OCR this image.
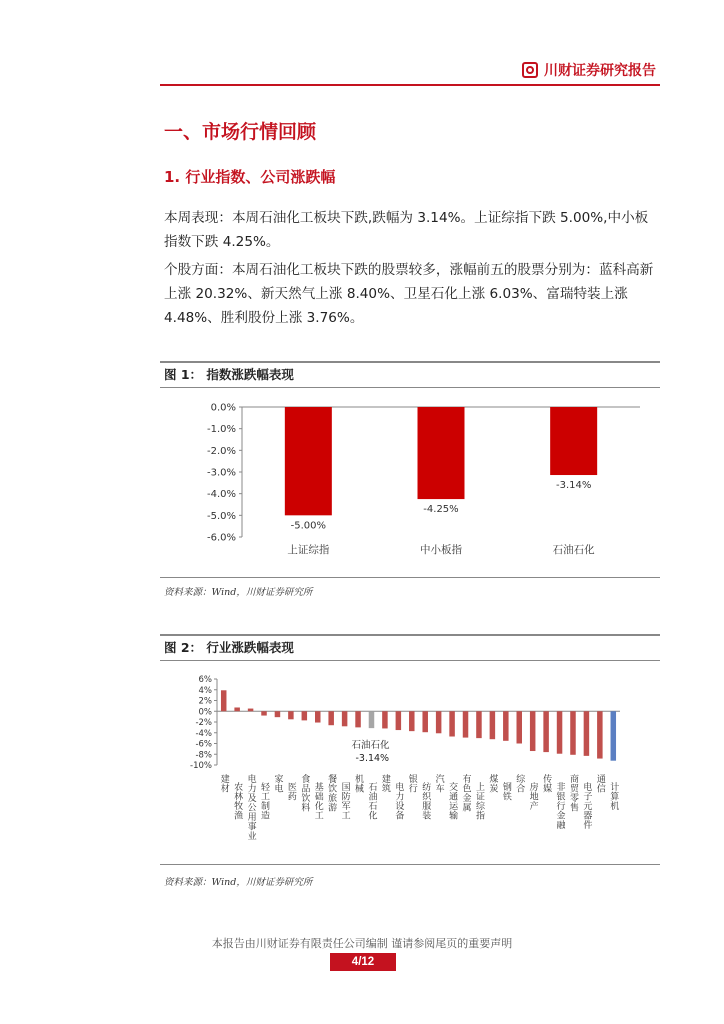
川财证券研究报告
一、市场行情回顾
1. 行业指数、公司涨跌幅
本周表现：本周石油化工板块下跌,跌幅为 3.14%。上证综指下跌 5.00%,中小板指数下跌 4.25%。
个股方面：本周石油化工板块下跌的股票较多，涨幅前五的股票分别为：蓝科高新上涨 20.32%、新天然气上涨 8.40%、卫星石化上涨 6.03%、富瑞特装上涨 4.48%、胜利股份上涨 3.76%。
图 1： 指数涨跌幅表现
0.0%
-1.0%
-2.0%
-3.0%
-4.0%
-5.0%
-6.0%
-5.00%
上证综指
-4.25%
中小板指
-3.14%
石油石化
资料来源：Wind，川财证券研究所
图 2： 行业涨跌幅表现
6%
4%
2%
0%
-2%
-4%
-6%
-8%
-10%
建材 农林牧渔 电力及公用事业 轻工制造 家电 医药 食品饮料 基础化工 餐饮旅游 国防军工 机械 石油石化
石油石化
-3.14%
建筑 电力设备 银行 纺织服装 汽车 交通运输 有色金属 上证综指 煤炭 钢铁 综合 房地产 传媒 非银行金融 商贸零售 电子元器件 通信 计算机
资料来源：Wind，川财证券研究所
本报告由川财证券有限责任公司编制 谨请参阅尾页的重要声明
4/12
